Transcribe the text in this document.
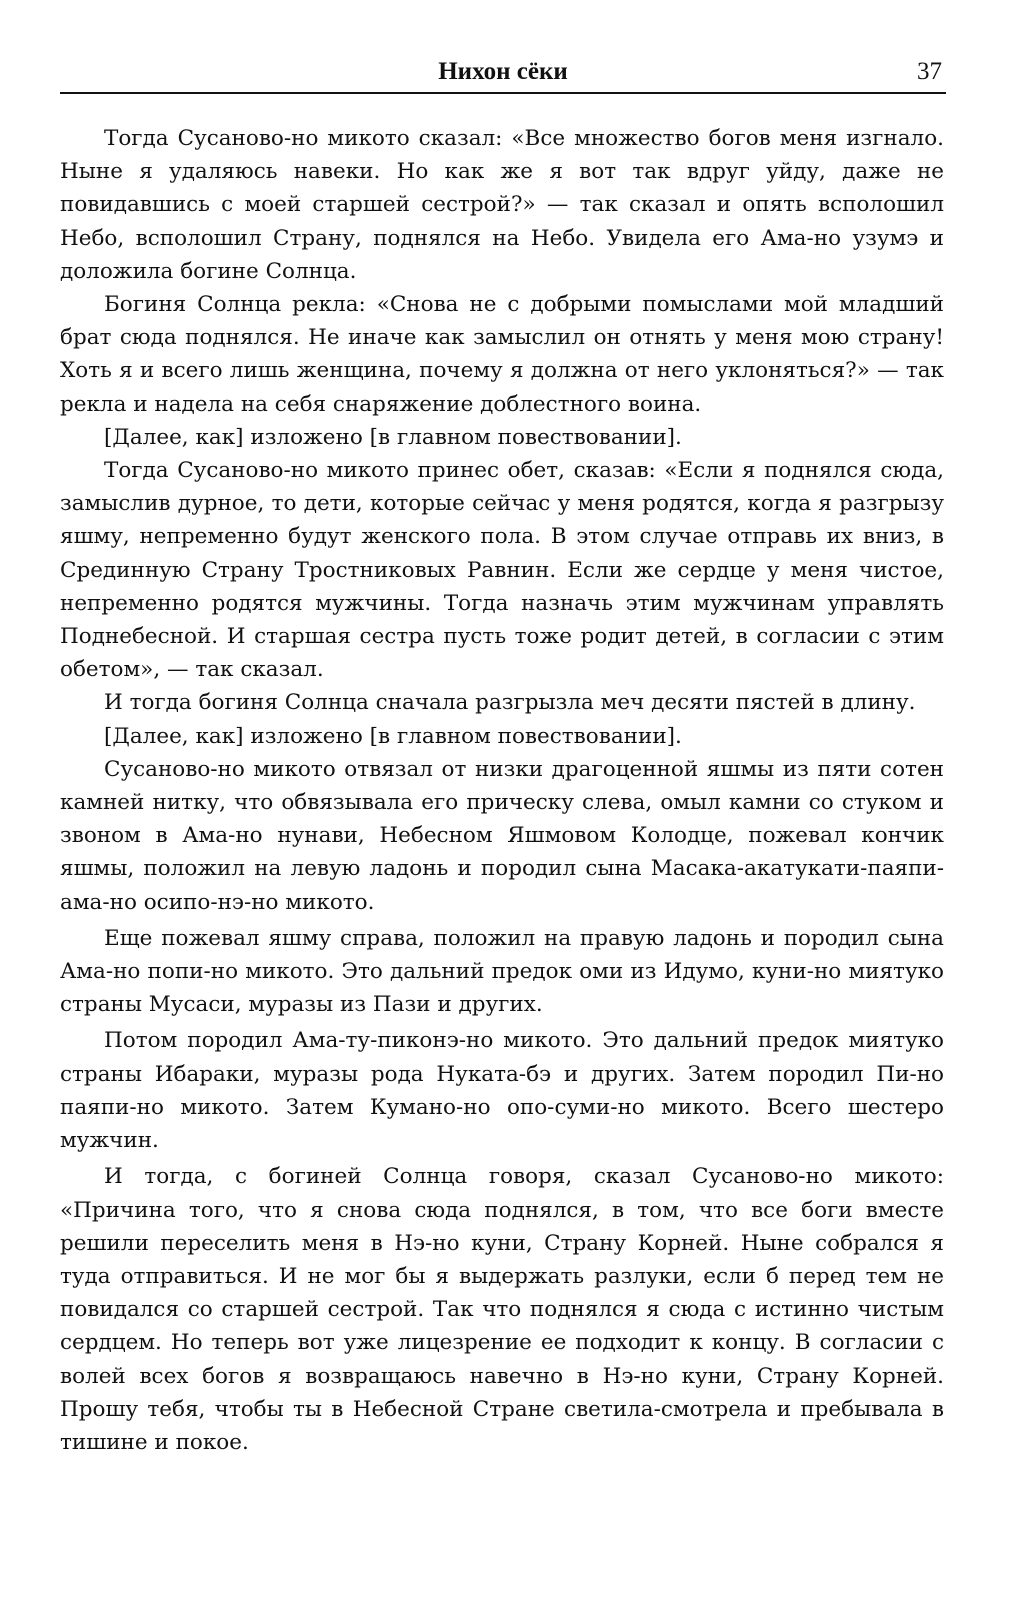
Нихон сёки	37

Тогда Сусаново-но микото сказал: «Все множество богов меня изгнало. Ныне я удаляюсь навеки. Но как же я вот так вдруг уйду, даже не повидавшись с моей старшей сестрой?» — так сказал и опять всполошил Небо, всполошил Страну, поднялся на Небо. Увидела его Ама-но узумэ и доложила богине Солнца.

Богиня Солнца рекла: «Снова не с добрыми помыслами мой младший брат сюда поднялся. Не иначе как замыслил он отнять у меня мою страну! Хоть я и всего лишь женщина, почему я должна от него уклоняться?» — так рекла и надела на себя снаряжение доблестного воина.

[Далее, как] изложено [в главном повествовании].

Тогда Сусаново-но микото принес обет, сказав: «Если я поднялся сюда, замыслив дурное, то дети, которые сейчас у меня родятся, когда я разгрызу яшму, непременно будут женского пола. В этом случае отправь их вниз, в Срединную Страну Тростниковых Равнин. Если же сердце у меня чистое, непременно родятся мужчины. Тогда назначь этим мужчинам управлять Поднебесной. И старшая сестра пусть тоже родит детей, в согласии с этим обетом», — так сказал.

И тогда богиня Солнца сначала разгрызла меч десяти пястей в длину.

[Далее, как] изложено [в главном повествовании].

Сусаново-но микото отвязал от низки драгоценной яшмы из пяти сотен камней нитку, что обвязывала его прическу слева, омыл камни со стуком и звоном в Ама-но нунави, Небесном Яшмовом Колодце, пожевал кончик яшмы, положил на левую ладонь и породил сына Масака-акатукати-паяпи-ама-но осипо-нэ-но микото.

Еще пожевал яшму справа, положил на правую ладонь и породил сына Ама-но попи-но микото. Это дальний предок оми из Идумо, куни-но миятуко страны Мусаси, муразы из Пази и других.

Потом породил Ама-ту-пиконэ-но микото. Это дальний предок миятуко страны Ибараки, муразы рода Нуката-бэ и других. Затем породил Пи-но паяпи-но микото. Затем Кумано-но опо-суми-но микото. Всего шестеро мужчин.

И тогда, с богиней Солнца говоря, сказал Сусаново-но микото: «Причина того, что я снова сюда поднялся, в том, что все боги вместе решили переселить меня в Нэ-но куни, Страну Корней. Ныне собрался я туда отправиться. И не мог бы я выдержать разлуки, если б перед тем не повидался со старшей сестрой. Так что поднялся я сюда с истинно чистым сердцем. Но теперь вот уже лицезрение ее подходит к концу. В согласии с волей всех богов я возвращаюсь навечно в Нэ-но куни, Страну Корней. Прошу тебя, чтобы ты в Небесной Стране светила-смотрела и пребывала в тишине и покое.
